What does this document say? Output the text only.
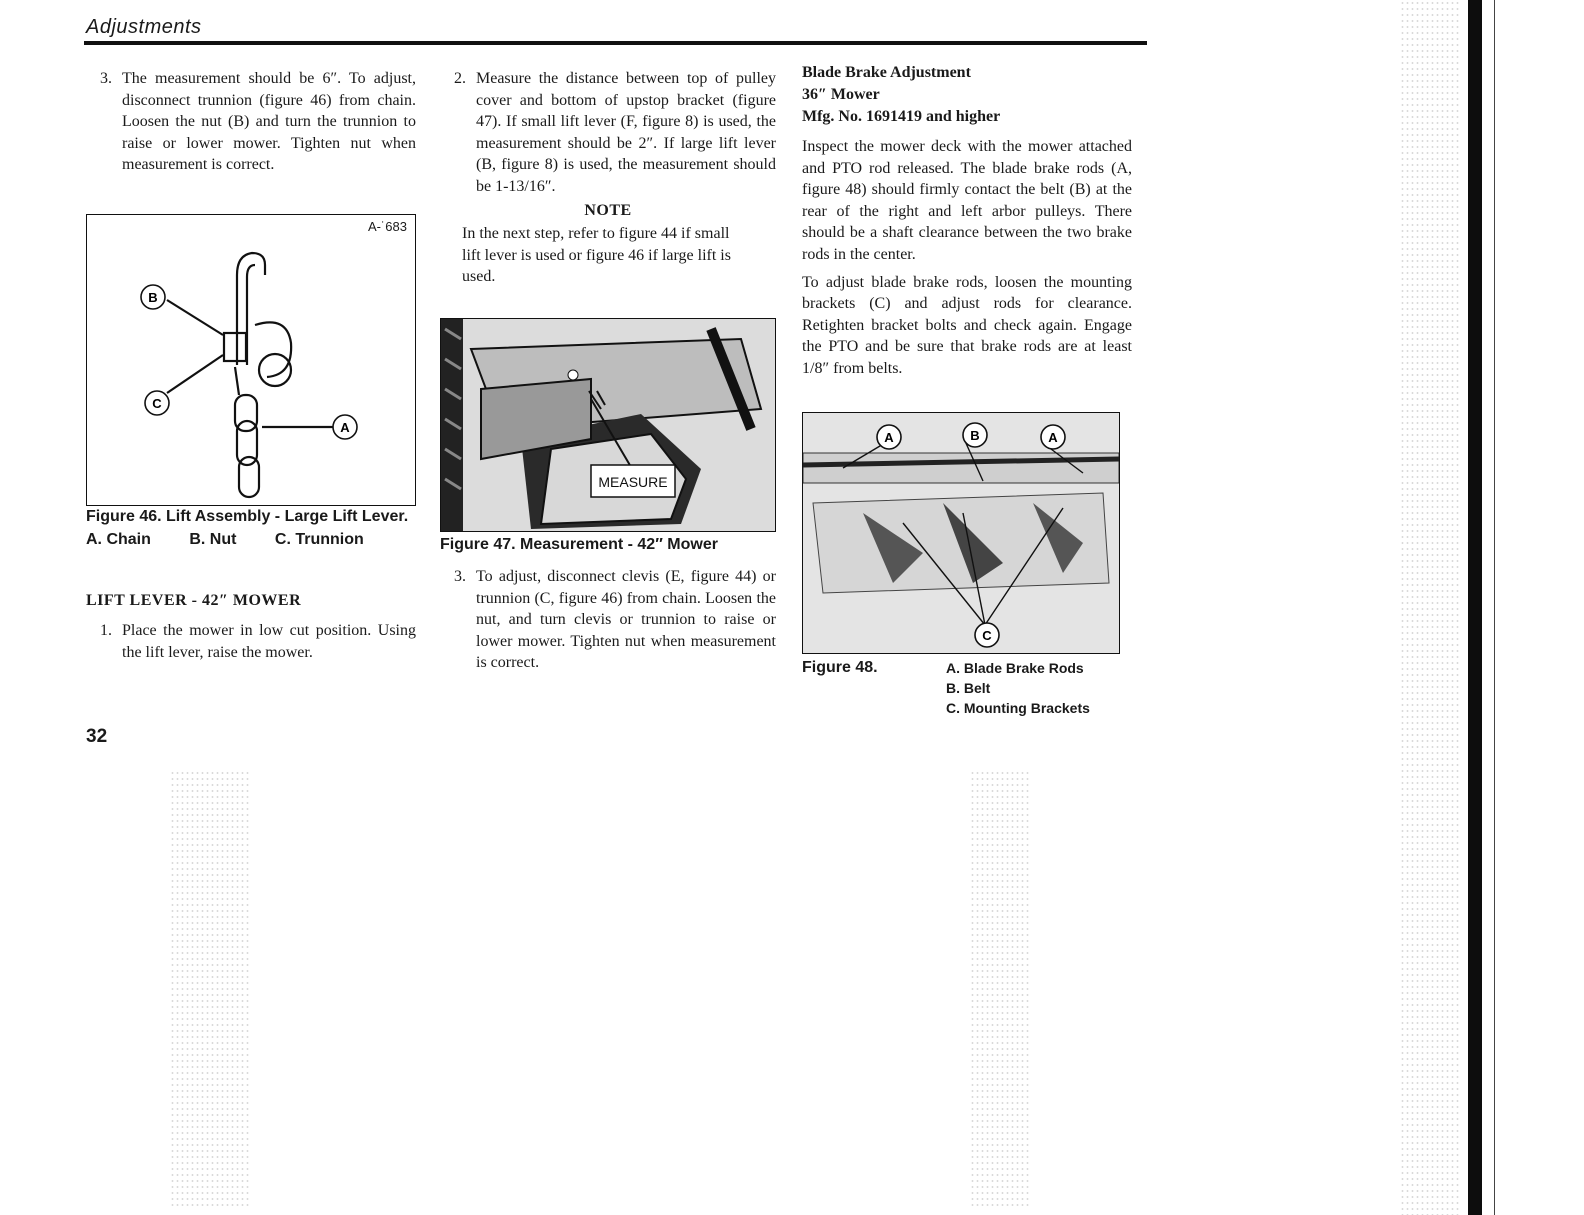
Adjustments

3. The measurement should be 6″. To adjust, disconnect trunnion (figure 46) from chain. Loosen the nut (B) and turn the trunnion to raise or lower mower. Tighten nut when measurement is correct.

A-˙683
B
C
A
Figure 46. Lift Assembly - Large Lift Lever.
A. Chain B. Nut C. Trunnion
LIFT LEVER - 42″ MOWER

1. Place the mower in low cut position. Using the lift lever, raise the mower.

2. Measure the distance between top of pulley cover and bottom of upstop bracket (figure 47). If small lift lever (F, figure 8) is used, the measurement should be 2″. If large lift lever (B, figure 8) is used, the measurement should be 1-13/16″.

NOTE

In the next step, refer to figure 44 if small lift lever is used or figure 46 if large lift is used.

MEASURE
Figure 47. Measurement - 42″ Mower

3. To adjust, disconnect clevis (E, figure 44) or trunnion (C, figure 46) from chain. Loosen the nut, and turn clevis or trunnion to raise or lower mower. Tighten nut when measurement is correct.

Blade Brake Adjustment
36″ Mower
Mfg. No. 1691419 and higher

Inspect the mower deck with the mower attached and PTO rod released. The blade brake rods (A, figure 48) should firmly contact the belt (B) at the rear of the right and left arbor pulleys. There should be a shaft clearance between the two brake rods in the center.

To adjust blade brake rods, loosen the mounting brackets (C) and adjust rods for clearance. Retighten bracket bolts and check again. Engage the PTO and be sure that brake rods are at least 1/8″ from belts.

A	B	A
C
Figure 48.	A. Blade Brake Rods
B. Belt
C. Mounting Brackets
32
